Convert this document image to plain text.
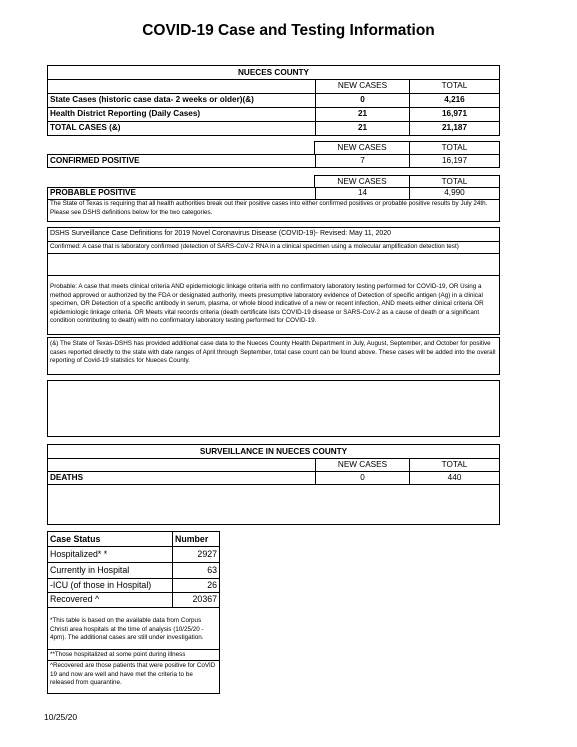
COVID-19 Case and Testing Information
NUECES COUNTY
NEW CASES	TOTAL
State Cases (historic case data- 2 weeks or older)(&)	0	4,216
Health District Reporting (Daily Cases)	21	16,971
TOTAL CASES (&)	21	21,187
NEW CASES	TOTAL
CONFIRMED POSITIVE	7	16,197
NEW CASES	TOTAL
PROBABLE POSITIVE	14	4,990
The State of Texas is requiring that all health authorities break out their positive cases into either confirmed positives or probable positive results by July 24th. Please see DSHS definitions below for the two categories.
DSHS Surveillance Case Definitions for 2019 Novel Coronavirus Disease (COVID-19)- Revised: May 11, 2020
Confirmed: A case that is laboratory confirmed (detection of SARS-CoV-2 RNA in a clinical specimen using a molecular amplification detection test)
Probable: A case that meets clinical criteria AND epidemiologic linkage criteria with no confirmatory laboratory testing performed for COVID-19, OR Using a method approved or authorized by the FDA or designated authority, meets presumptive laboratory evidence of Detection of specific antigen (Ag) in a clinical specimen, OR Detection of a specific antibody in serum, plasma, or whole blood indicative of a new or recent infection, AND meets either clinical criteria OR epidemiologic linkage criteria. OR Meets vital records criteria (death certificate lists COVID-19 disease or SARS-CoV-2 as a cause of death or a significant condition contributing to death) with no confirmatory laboratory testing performed for COVID-19.
(&) The State of Texas-DSHS has provided additional case data to the Nueces County Health Department in July, August, September, and October for positive cases reported directly to the state with date ranges of April through September, total case count can be found above. These cases will be added into the overall reporting of Covid-19 statistics for Nueces County.
SURVEILLANCE IN NUECES COUNTY
NEW CASES	TOTAL
DEATHS	0	440
Case Status	Number
Hospitalized* *	2927
Currently in Hospital	63
-ICU (of those in Hospital)	26
Recovered ^	20367
*This table is based on the available data from Corpus Christi area hospitals at the time of analysis (10/25/20 - 4pm). The additional cases are still under investigation.
**Those hospitalized at some point during illness
^Recovered are those patients that were positive for CoVID 19 and now are well and have met the criteria to be released from quarantine.
10/25/20
